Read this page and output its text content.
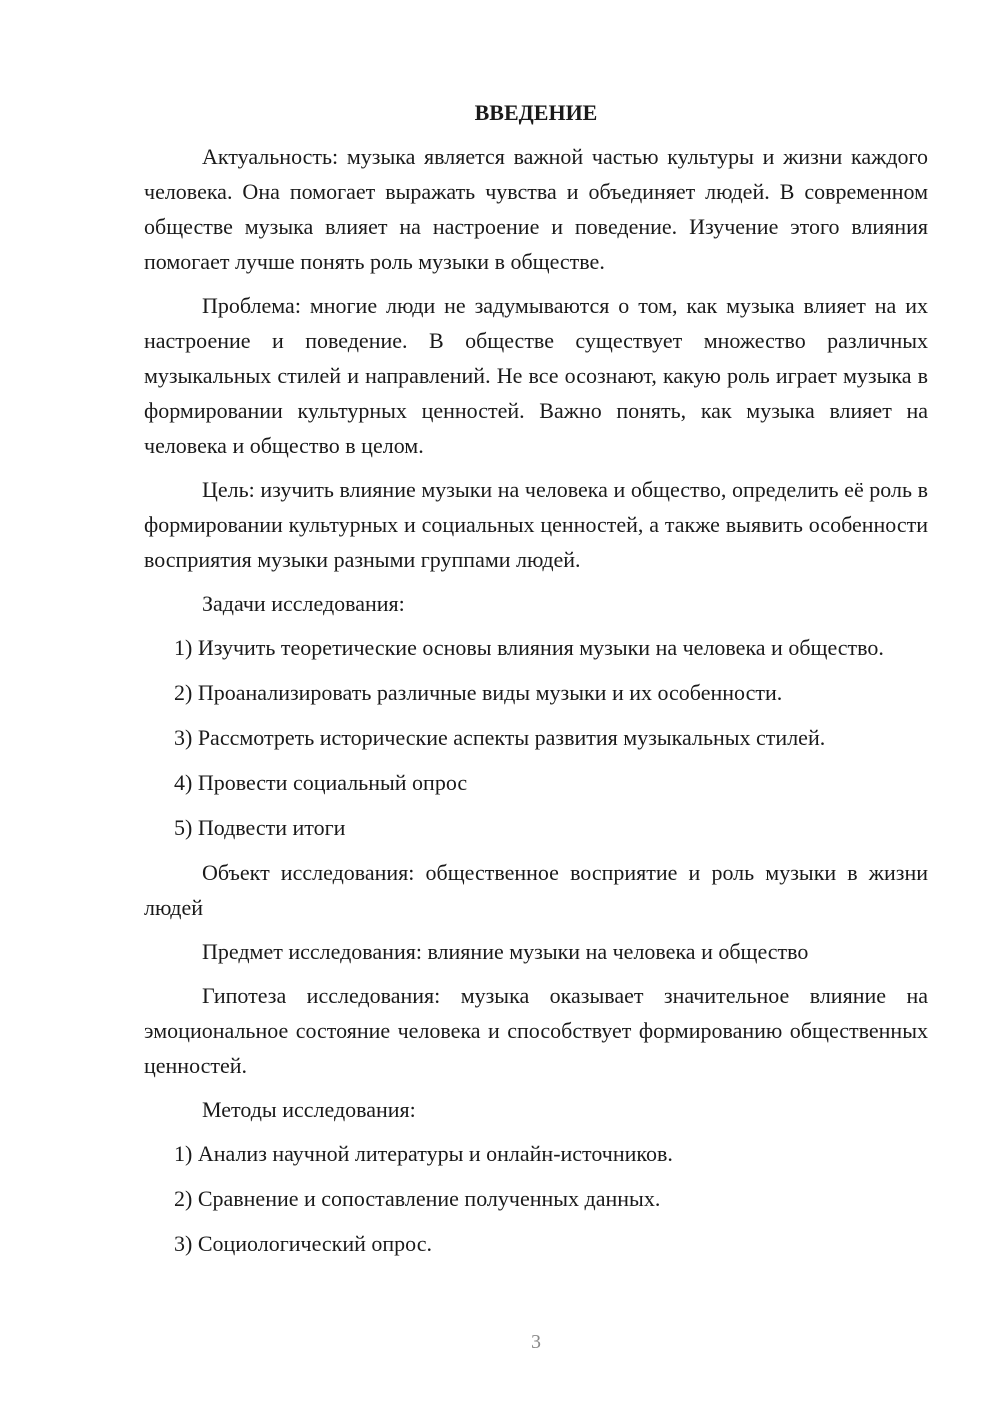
ВВЕДЕНИЕ

Актуальность: музыка является важной частью культуры и жизни каждого человека. Она помогает выражать чувства и объединяет людей. В современном обществе музыка влияет на настроение и поведение. Изучение этого влияния помогает лучше понять роль музыки в обществе.

Проблема: многие люди не задумываются о том, как музыка влияет на их настроение и поведение. В обществе существует множество различных музыкальных стилей и направлений. Не все осознают, какую роль играет музыка в формировании культурных ценностей. Важно понять, как музыка влияет на человека и общество в целом.

Цель: изучить влияние музыки на человека и общество, определить её роль в формировании культурных и социальных ценностей, а также выявить особенности восприятия музыки разными группами людей.

Задачи исследования:

1) Изучить теоретические основы влияния музыки на человека и общество.

2) Проанализировать различные виды музыки и их особенности.

3) Рассмотреть исторические аспекты развития музыкальных стилей.

4) Провести социальный опрос

5) Подвести итоги

Объект исследования: общественное восприятие и роль музыки в жизни людей

Предмет исследования: влияние музыки на человека и общество

Гипотеза исследования: музыка оказывает значительное влияние на эмоциональное состояние человека и способствует формированию общественных ценностей.

Методы исследования:

1) Анализ научной литературы и онлайн-источников.

2) Сравнение и сопоставление полученных данных.

3) Социологический опрос.

3
